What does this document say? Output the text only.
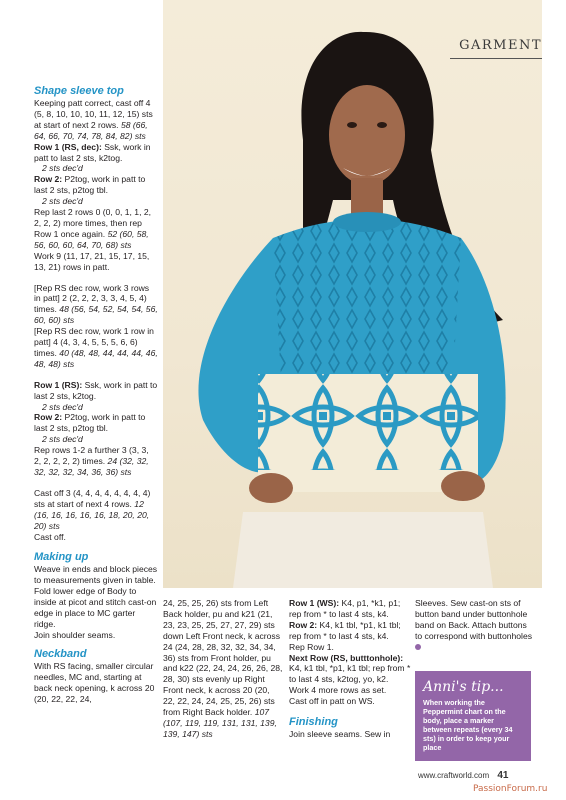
GARMENT

Shape sleeve top

Keeping patt correct, cast off 4 (5, 8, 10, 10, 10, 11, 12, 15) sts at start of next 2 rows. 58 (66, 64, 66, 70, 74, 78, 84, 82) sts

Row 1 (RS, dec): Ssk, work in patt to last 2 sts, k2tog.

2 sts dec'd

Row 2: P2tog, work in patt to last 2 sts, p2tog tbl.

2 sts dec'd

Rep last 2 rows 0 (0, 0, 1, 1, 2, 2, 2, 2) more times, then rep Row 1 once again. 52 (60, 58, 56, 60, 60, 64, 70, 68) sts

Work 9 (11, 17, 21, 15, 17, 15, 13, 21) rows in patt.

[Rep RS dec row, work 3 rows in patt] 2 (2, 2, 2, 3, 3, 4, 5, 4) times. 48 (56, 54, 52, 54, 54, 56, 60, 60) sts

[Rep RS dec row, work 1 row in patt] 4 (4, 3, 4, 5, 5, 5, 6, 6) times. 40 (48, 48, 44, 44, 44, 46, 48, 48) sts

Row 1 (RS): Ssk, work in patt to last 2 sts, k2tog.

2 sts dec'd

Row 2: P2tog, work in patt to last 2 sts, p2tog tbl.

2 sts dec'd

Rep rows 1-2 a further 3 (3, 3, 2, 2, 2, 2, 2) times. 24 (32, 32, 32, 32, 32, 34, 36, 36) sts

Cast off 3 (4, 4, 4, 4, 4, 4, 4, 4) sts at start of next 4 rows. 12 (16, 16, 16, 16, 16, 18, 20, 20, 20) sts

Cast off.

Making up

Weave in ends and block pieces to measurements given in table.

Fold lower edge of Body to inside at picot and stitch cast-on edge in place to MC garter ridge.

Join shoulder seams.

Neckband

With RS facing, smaller circular needles, MC and, starting at back neck opening, k across 20 (20, 22, 22, 24,

24, 25, 25, 26) sts from Left Back holder, pu and k21 (21, 23, 23, 25, 25, 27, 27, 29) sts down Left Front neck, k across 24 (24, 28, 28, 32, 32, 34, 34, 36) sts from Front holder, pu and k22 (22, 24, 24, 26, 26, 28, 28, 30) sts evenly up Right Front neck, k across 20 (20, 22, 22, 24, 24, 25, 25, 26) sts from Right Back holder. 107 (107, 119, 119, 131, 131, 139, 139, 147) sts

Row 1 (WS): K4, p1, *k1, p1; rep from * to last 4 sts, k4.

Row 2: K4, k1 tbl, *p1, k1 tbl; rep from * to last 4 sts, k4.

Rep Row 1.

Next Row (RS, butttonhole): K4, k1 tbl, *p1, k1 tbl; rep from * to last 4 sts, k2tog, yo, k2.

Work 4 more rows as set.

Cast off in patt on WS.

Finishing

Join sleeve seams. Sew in

Sleeves. Sew cast-on sts of button band under buttonhole band on Back. Attach buttons to correspond with buttonholes

Anni's tip...
When working the Peppermint chart on the body, place a marker between repeats (every 34 sts) in order to keep your place
www.craftworld.com 41
PassionForum.ru
